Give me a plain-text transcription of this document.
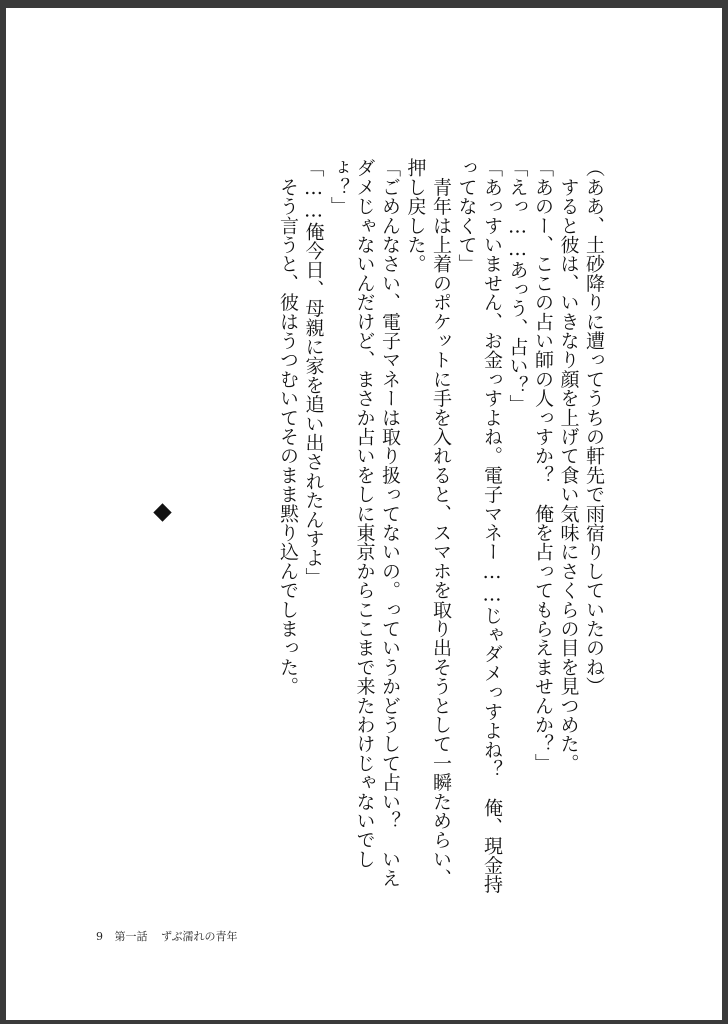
（ああ、土砂降りに遭ってうちの軒先で雨宿りしていたのね）
　すると彼は、いきなり顔を上げて食い気味にさくらの目を見つめた。
「あのー、ここの占い師の人っすか？　俺を占ってもらえませんか？」
「えっ……あっう、占い？」
「あっすいません、お金っすよね。電子マネー……じゃダメっすよね？　俺、現金持
ってなくて」
　青年は上着のポケットに手を入れると、スマホを取り出そうとして一瞬ためらい、
押し戻した。
「ごめんなさい、電子マネーは取り扱ってないの。っていうかどうして占い？　いえ
ダメじゃないんだけど、まさか占いをしに東京からここまで来たわけじゃないでし
ょ？」
「……俺今日、母親に家を追い出されたんすよ」
　そう言うと、彼はうつむいてそのまま黙り込んでしまった。
9 第一話 ずぶ濡れの青年
